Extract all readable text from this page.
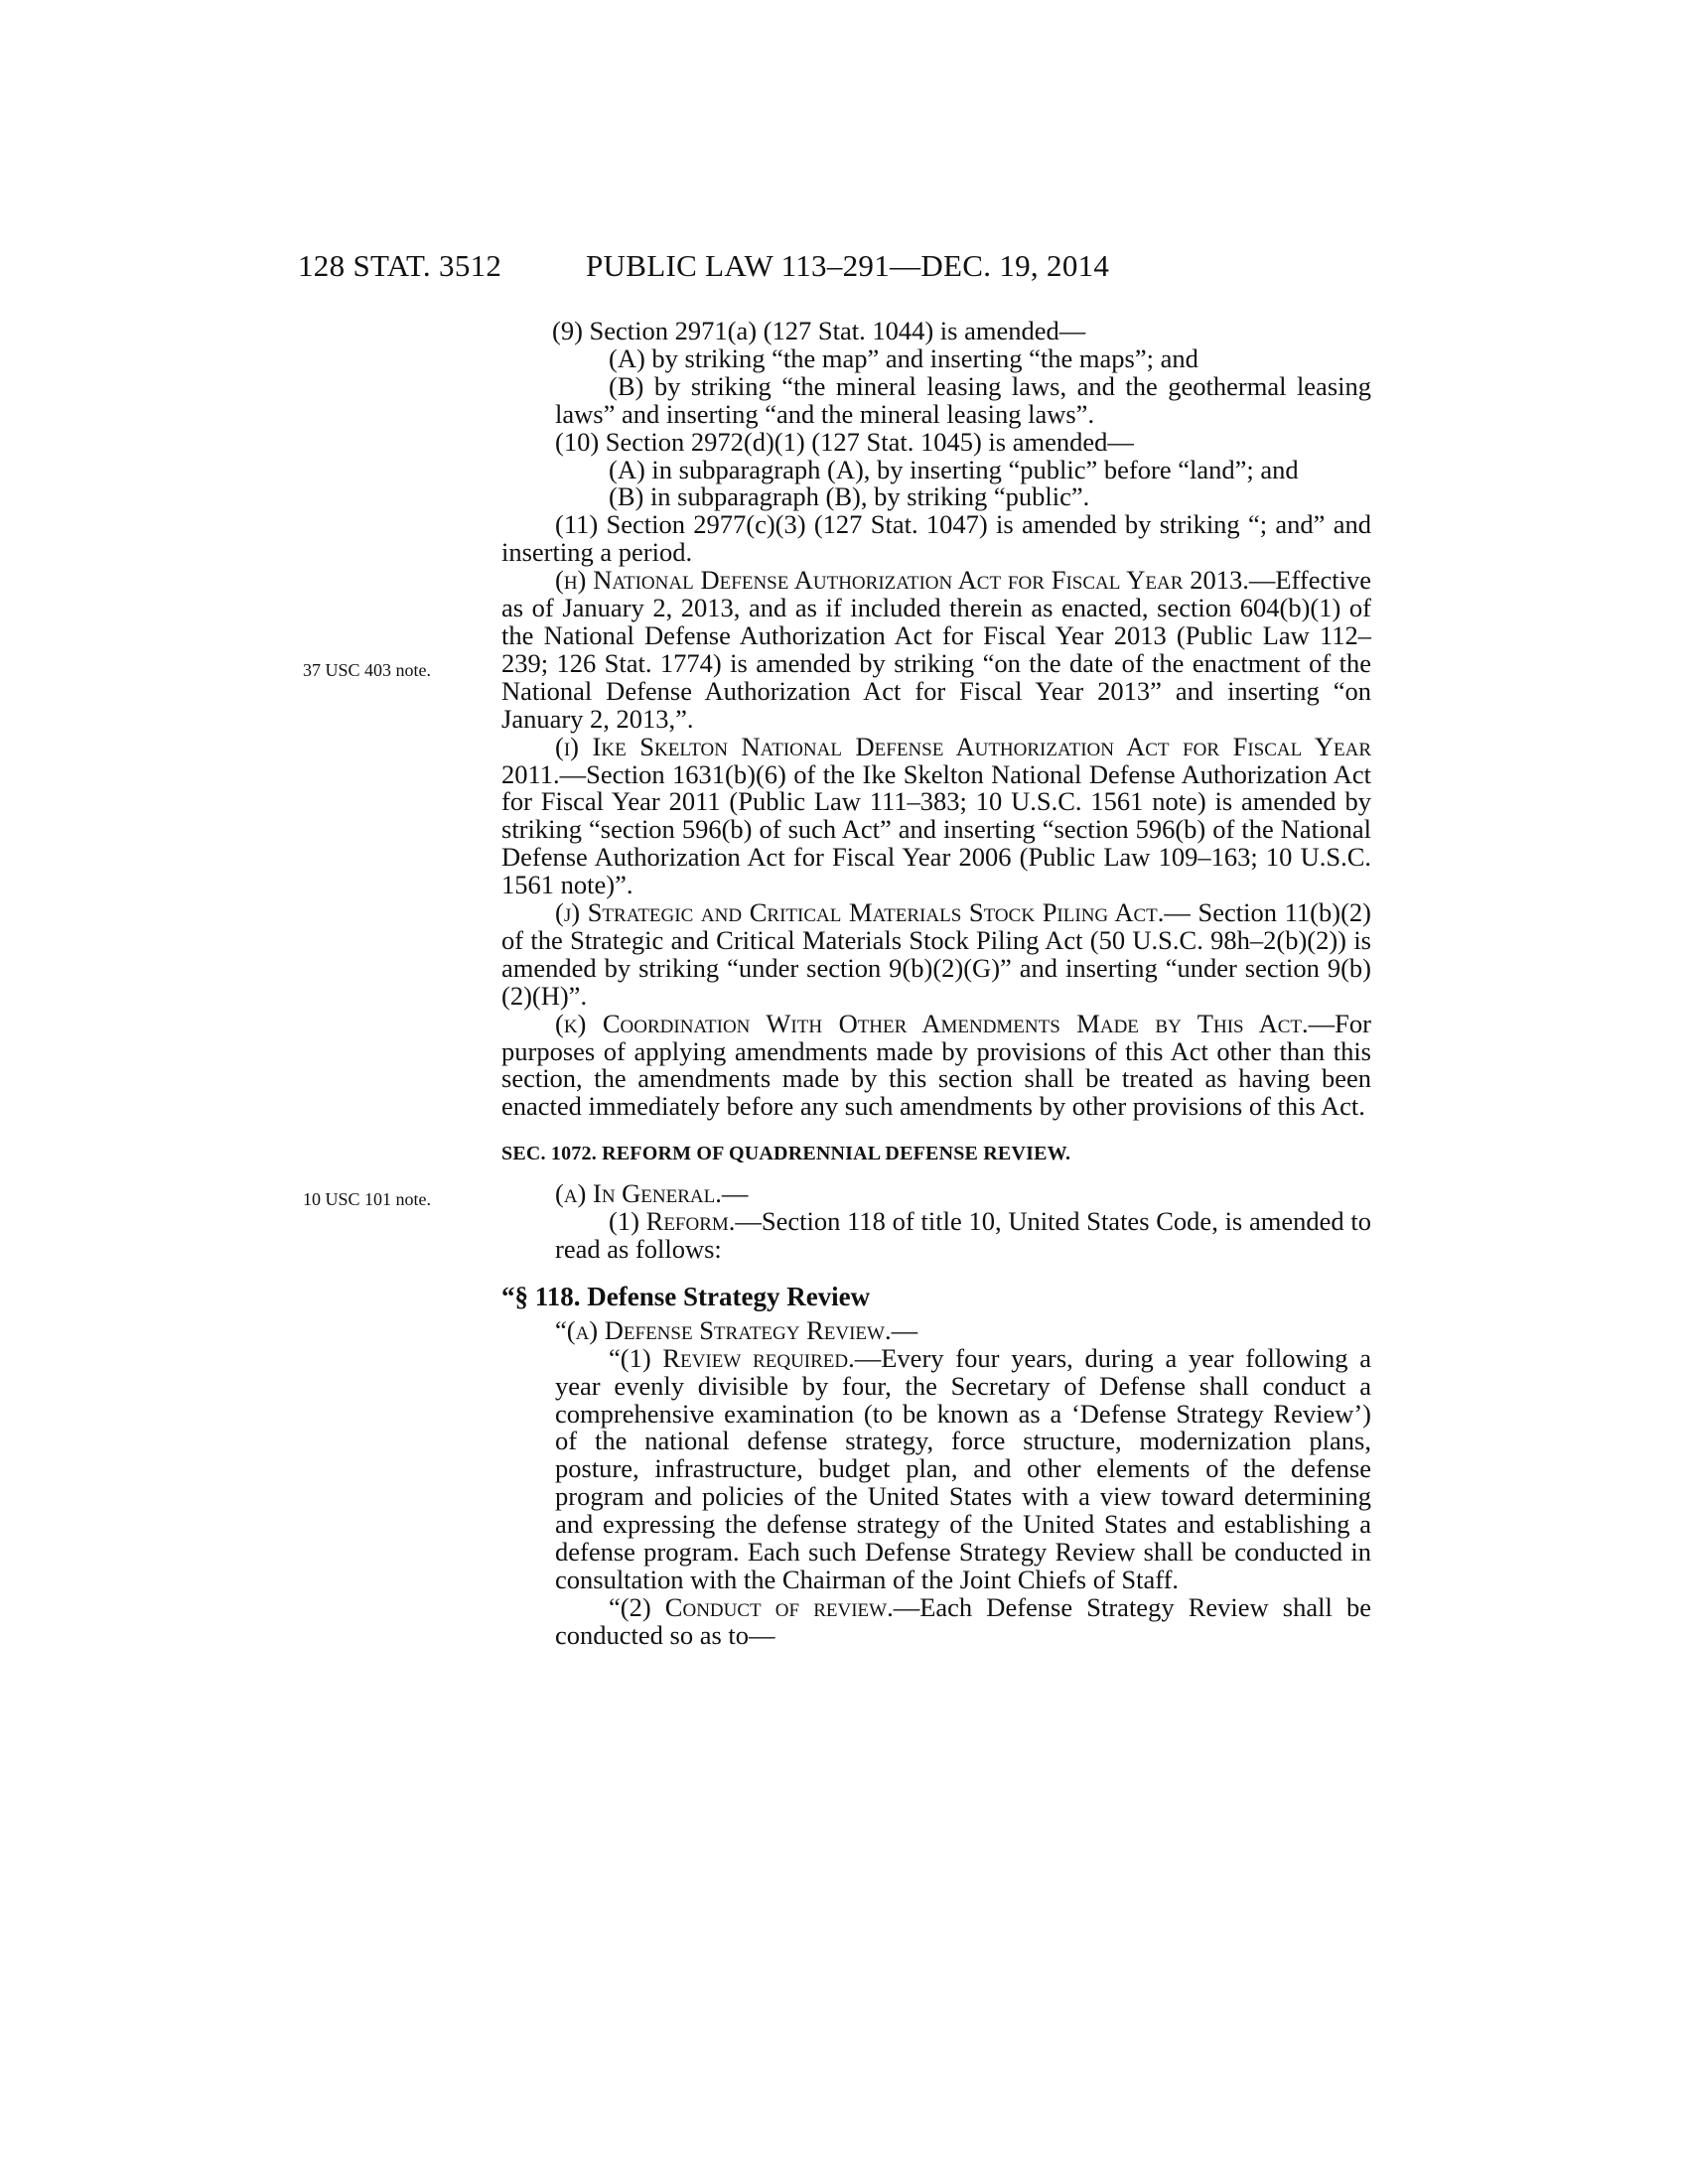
128 STAT. 3512	PUBLIC LAW 113–291—DEC. 19, 2014
37 USC 403 note.
10 USC 101 note.

(9) Section 2971(a) (127 Stat. 1044) is amended—

(A) by striking “the map” and inserting “the maps”; and

(B) by striking “the mineral leasing laws, and the geothermal leasing laws” and inserting “and the mineral leasing laws”.

(10) Section 2972(d)(1) (127 Stat. 1045) is amended—

(A) in subparagraph (A), by inserting “public” before “land”; and

(B) in subparagraph (B), by striking “public”.

(11) Section 2977(c)(3) (127 Stat. 1047) is amended by striking “; and” and inserting a period.

(h) National Defense Authorization Act for Fiscal Year 2013.—Effective as of January 2, 2013, and as if included therein as enacted, section 604(b)(1) of the National Defense Authorization Act for Fiscal Year 2013 (Public Law 112–239; 126 Stat. 1774) is amended by striking “on the date of the enactment of the National Defense Authorization Act for Fiscal Year 2013” and inserting “on January 2, 2013,”.

(i) Ike Skelton National Defense Authorization Act for Fiscal Year 2011.—Section 1631(b)(6) of the Ike Skelton National Defense Authorization Act for Fiscal Year 2011 (Public Law 111–383; 10 U.S.C. 1561 note) is amended by striking “section 596(b) of such Act” and inserting “section 596(b) of the National Defense Authorization Act for Fiscal Year 2006 (Public Law 109–163; 10 U.S.C. 1561 note)”.

(j) Strategic and Critical Materials Stock Piling Act.— Section 11(b)(2) of the Strategic and Critical Materials Stock Piling Act (50 U.S.C. 98h–2(b)(2)) is amended by striking “under section 9(b)(2)(G)” and inserting “under section 9(b)(2)(H)”.

(k) Coordination With Other Amendments Made by This Act.—For purposes of applying amendments made by provisions of this Act other than this section, the amendments made by this section shall be treated as having been enacted immediately before any such amendments by other provisions of this Act.

SEC. 1072. REFORM OF QUADRENNIAL DEFENSE REVIEW.

(a) In General.—

(1) Reform.—Section 118 of title 10, United States Code, is amended to read as follows:

“§ 118. Defense Strategy Review

“(a) Defense Strategy Review.—

“(1) Review required.—Every four years, during a year following a year evenly divisible by four, the Secretary of Defense shall conduct a comprehensive examination (to be known as a ‘Defense Strategy Review’) of the national defense strategy, force structure, modernization plans, posture, infrastructure, budget plan, and other elements of the defense program and policies of the United States with a view toward determining and expressing the defense strategy of the United States and establishing a defense program. Each such Defense Strategy Review shall be conducted in consultation with the Chairman of the Joint Chiefs of Staff.

“(2) Conduct of review.—Each Defense Strategy Review shall be conducted so as to—
